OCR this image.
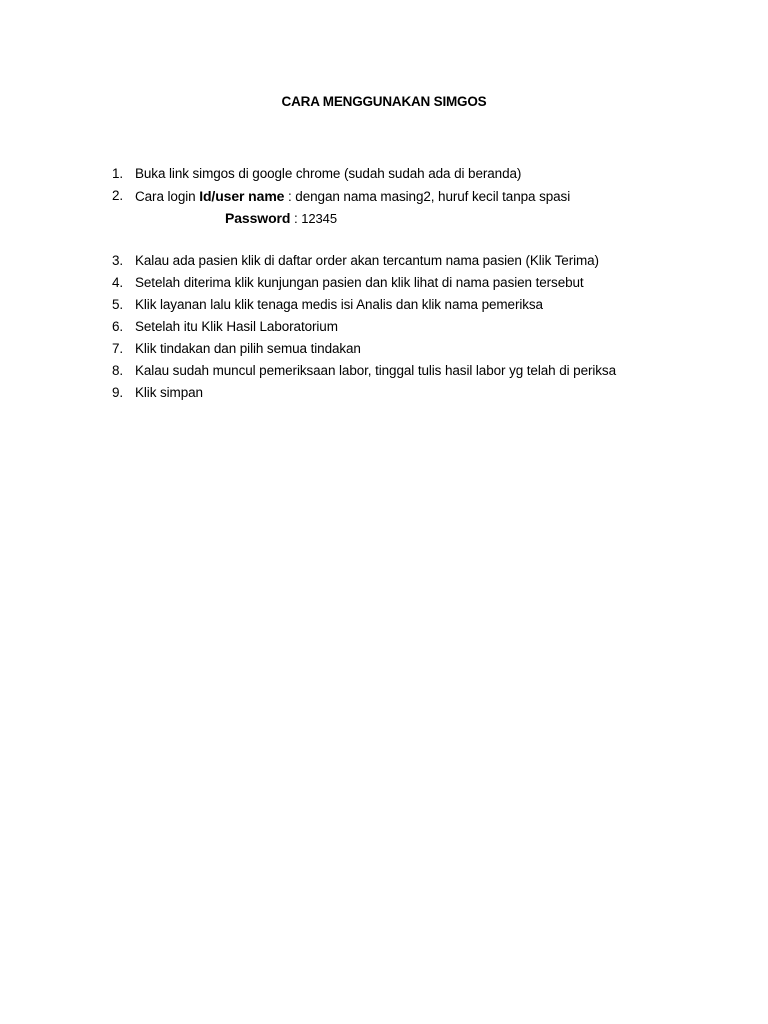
CARA MENGGUNAKAN SIMGOS
1. Buka link simgos di google chrome (sudah sudah ada di beranda)
2. Cara login Id/user name : dengan nama masing2, huruf kecil tanpa spasi
Password : 12345
3. Kalau ada pasien klik di daftar order akan tercantum nama pasien (Klik Terima)
4. Setelah diterima klik kunjungan pasien dan klik lihat di nama pasien tersebut
5. Klik layanan lalu klik tenaga medis isi Analis dan klik nama pemeriksa
6. Setelah itu Klik Hasil Laboratorium
7. Klik tindakan dan pilih semua tindakan
8. Kalau sudah muncul pemeriksaan labor, tinggal tulis hasil labor yg telah di periksa
9. Klik simpan
